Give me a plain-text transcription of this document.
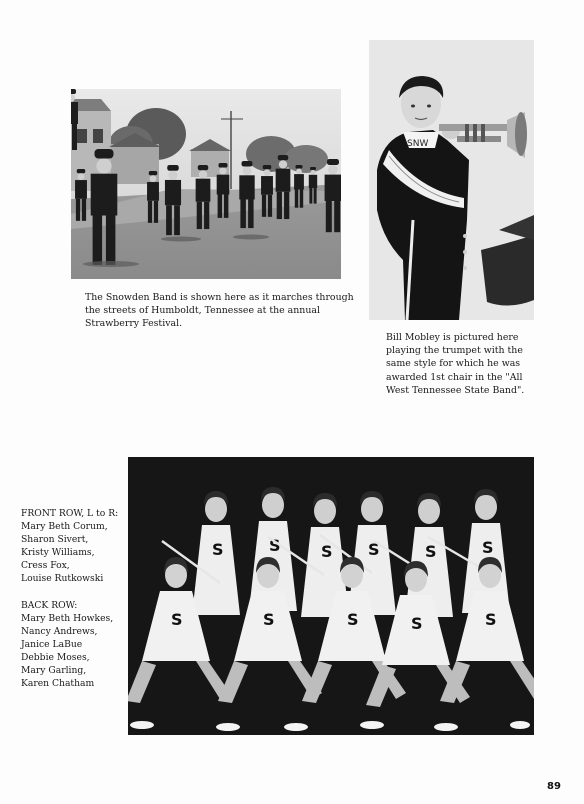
SNW
The Snowden Band is shown here as it marches through
the streets of Humboldt, Tennessee at the annual
Strawberry Festival.
Bill Mobley is pictured here
playing the trumpet with the
same style for which he was
awarded 1st chair in the "All
West Tennessee State Band".
FRONT ROW, L to R:
Mary Beth Corum,
Sharon Sivert,
Kristy Williams,
Cress Fox,
Louise Rutkowski
BACK ROW:
Mary Beth Howkes,
Nancy Andrews,
Janice LaBue
Debbie Moses,
Mary Garling,
Karen Chatham
89
